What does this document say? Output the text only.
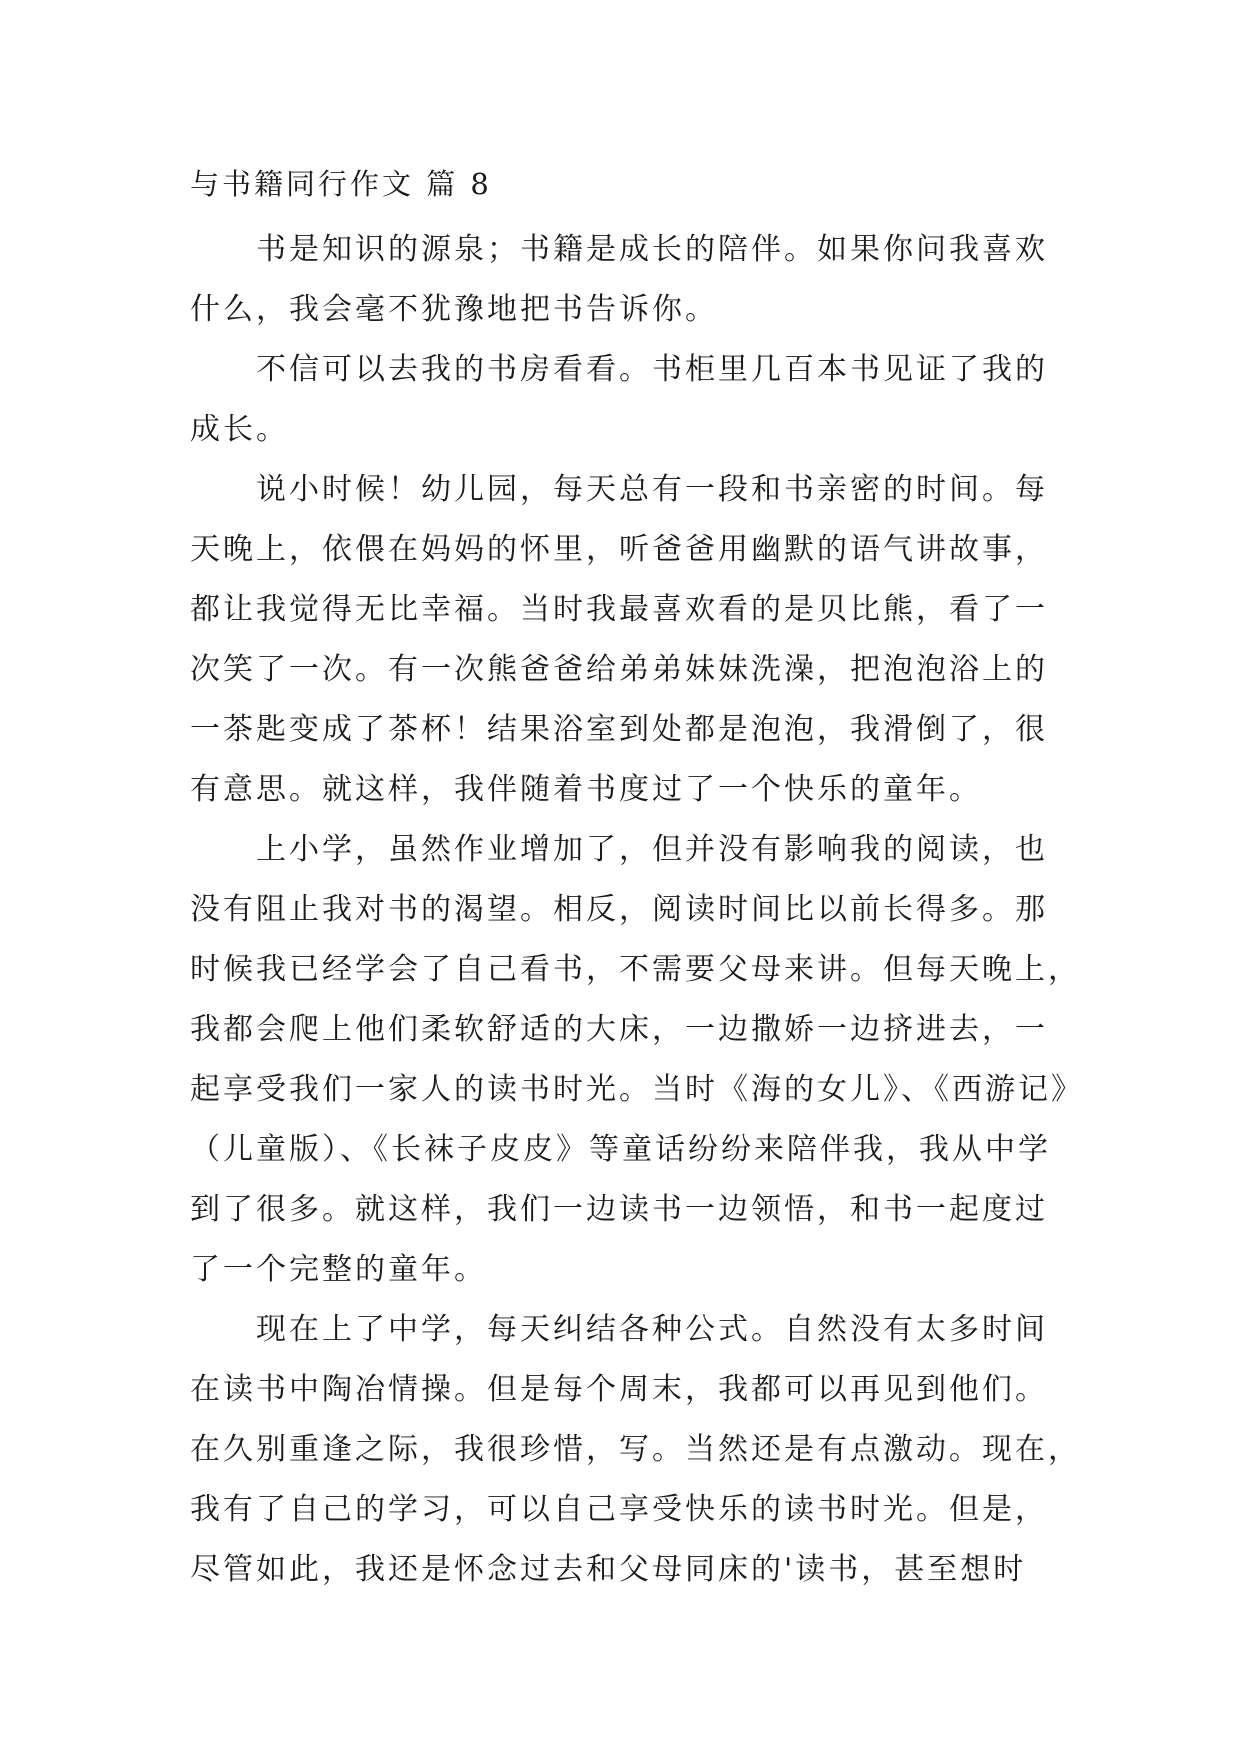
与书籍同行作文 篇 8
书是知识的源泉；书籍是成长的陪伴。如果你问我喜欢
什么，我会毫不犹豫地把书告诉你。
不信可以去我的书房看看。书柜里几百本书见证了我的
成长。
说小时候！幼儿园，每天总有一段和书亲密的时间。每
天晚上，依偎在妈妈的怀里，听爸爸用幽默的语气讲故事，
都让我觉得无比幸福。当时我最喜欢看的是贝比熊，看了一
次笑了一次。有一次熊爸爸给弟弟妹妹洗澡，把泡泡浴上的
一茶匙变成了茶杯！结果浴室到处都是泡泡，我滑倒了，很
有意思。就这样，我伴随着书度过了一个快乐的童年。
上小学，虽然作业增加了，但并没有影响我的阅读，也
没有阻止我对书的渴望。相反，阅读时间比以前长得多。那
时候我已经学会了自己看书，不需要父母来讲。但每天晚上，
我都会爬上他们柔软舒适的大床，一边撒娇一边挤进去，一
起享受我们一家人的读书时光。当时《海的女儿》、《西游记》
（儿童版）、《长袜子皮皮》等童话纷纷来陪伴我，我从中学
到了很多。就这样，我们一边读书一边领悟，和书一起度过
了一个完整的童年。
现在上了中学，每天纠结各种公式。自然没有太多时间
在读书中陶冶情操。但是每个周末，我都可以再见到他们。
在久别重逢之际，我很珍惜，写。当然还是有点激动。现在，
我有了自己的学习，可以自己享受快乐的读书时光。但是，
尽管如此，我还是怀念过去和父母同床的'读书，甚至想时
